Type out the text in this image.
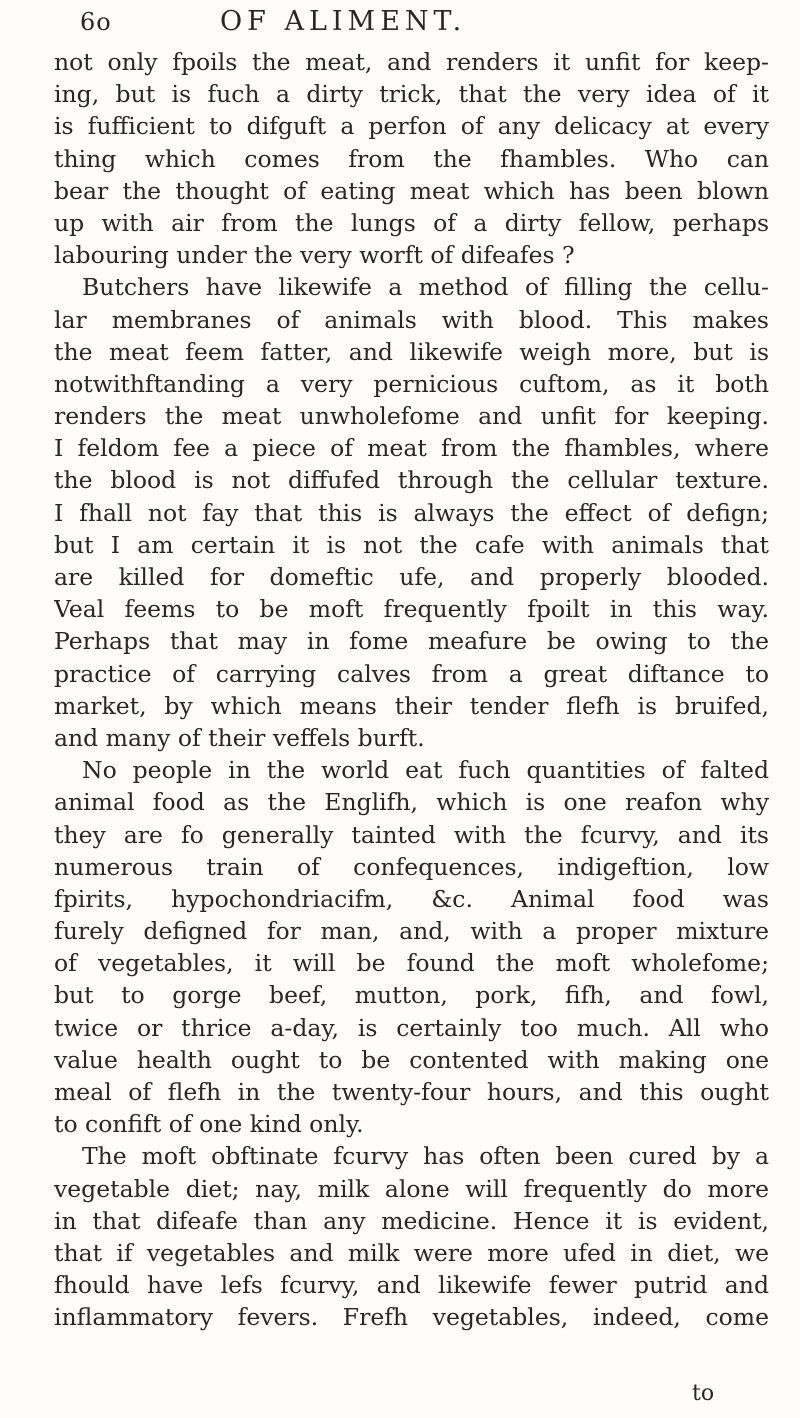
6o	OF ALIMENT.
not only fpoils the meat, and renders it unfit for keep-
ing, but is fuch a dirty trick, that the very idea of it
is fufficient to difguft a perfon of any delicacy at every
thing which comes from the fhambles. Who can
bear the thought of eating meat which has been blown
up with air from the lungs of a dirty fellow, perhaps
labouring under the very worft of difeafes ?
Butchers have likewife a method of filling the cellu-
lar membranes of animals with blood. This makes
the meat feem fatter, and likewife weigh more, but is
notwithftanding a very pernicious cuftom, as it both
renders the meat unwholefome and unfit for keeping.
I feldom fee a piece of meat from the fhambles, where
the blood is not diffufed through the cellular texture.
I fhall not fay that this is always the effect of defign;
but I am certain it is not the cafe with animals that
are killed for domeftic ufe, and properly blooded.
Veal feems to be moft frequently fpoilt in this way.
Perhaps that may in fome meafure be owing to the
practice of carrying calves from a great diftance to
market, by which means their tender flefh is bruifed,
and many of their veffels burft.
No people in the world eat fuch quantities of falted
animal food as the Englifh, which is one reafon why
they are fo generally tainted with the fcurvy, and its
numerous train of confequences, indigeftion, low
fpirits, hypochondriacifm, &c. Animal food was
furely defigned for man, and, with a proper mixture
of vegetables, it will be found the moft wholefome;
but to gorge beef, mutton, pork, fifh, and fowl,
twice or thrice a-day, is certainly too much. All who
value health ought to be contented with making one
meal of flefh in the twenty-four hours, and this ought
to confift of one kind only.
The moft obftinate fcurvy has often been cured by a
vegetable diet; nay, milk alone will frequently do more
in that difeafe than any medicine. Hence it is evident,
that if vegetables and milk were more ufed in diet, we
fhould have lefs fcurvy, and likewife fewer putrid and
inflammatory fevers. Frefh vegetables, indeed, come
to
